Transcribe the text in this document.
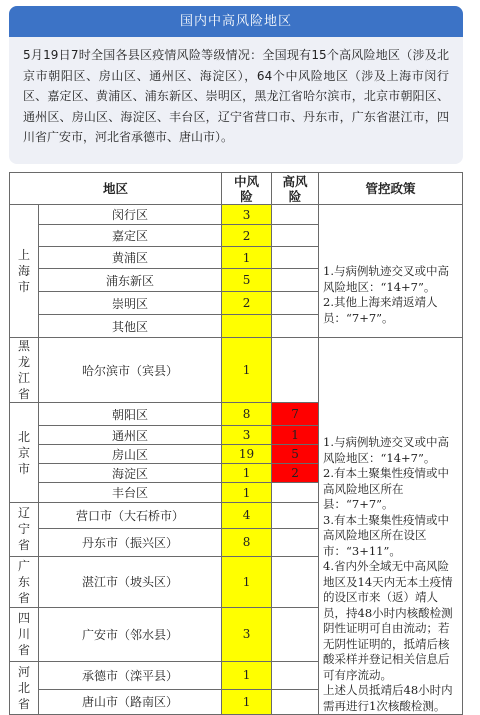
国内中高风险地区
5月19日7时全国各县区疫情风险等级情况：全国现有15个高风险地区（涉及北京市朝阳区、房山区、通州区、海淀区），64个中风险地区（涉及上海市闵行区、嘉定区、黄浦区、浦东新区、崇明区，黑龙江省哈尔滨市，北京市朝阳区、通州区、房山区、海淀区、丰台区，辽宁省营口市、丹东市，广东省湛江市，四川省广安市，河北省承德市、唐山市）。
地区		中风险	高风险	管控政策

上海市	闵行区	3		1.与病例轨迹交叉或中高风险地区：“14+7”。
2.其他上海来靖返靖人员：“7+7”。

	嘉定区	2		
	黄浦区	1		
	浦东新区	5		
	崇明区	2		
	其他区			

黑龙江省	哈尔滨市（宾县）	1		1.与病例轨迹交叉或中高风险地区：“14+7”。
2.有本土聚集性疫情或中高风险地区所在县：“7+7”。
3.有本土聚集性疫情或中高风险地区所在设区市：“3+11”。
4.省内外全域无中高风险地区及14天内无本土疫情的设区市来（返）靖人员，持48小时内核酸检测阴性证明可自由流动；若无阴性证明的，抵靖后核酸采样并登记相关信息后可有序流动。
上述人员抵靖后48小时内需再进行1次核酸检测。

北京市	朝阳区	8	7	
	通州区	3	1	
	房山区	19	5	
	海淀区	1	2	
	丰台区	1		

辽宁省	营口市（大石桥市）	4		
	丹东市（振兴区）	8		

广东省	湛江市（坡头区）	1		

四川省	广安市（邻水县）	3		

河北省	承德市（滦平县）	1		
	唐山市（路南区）	1		
